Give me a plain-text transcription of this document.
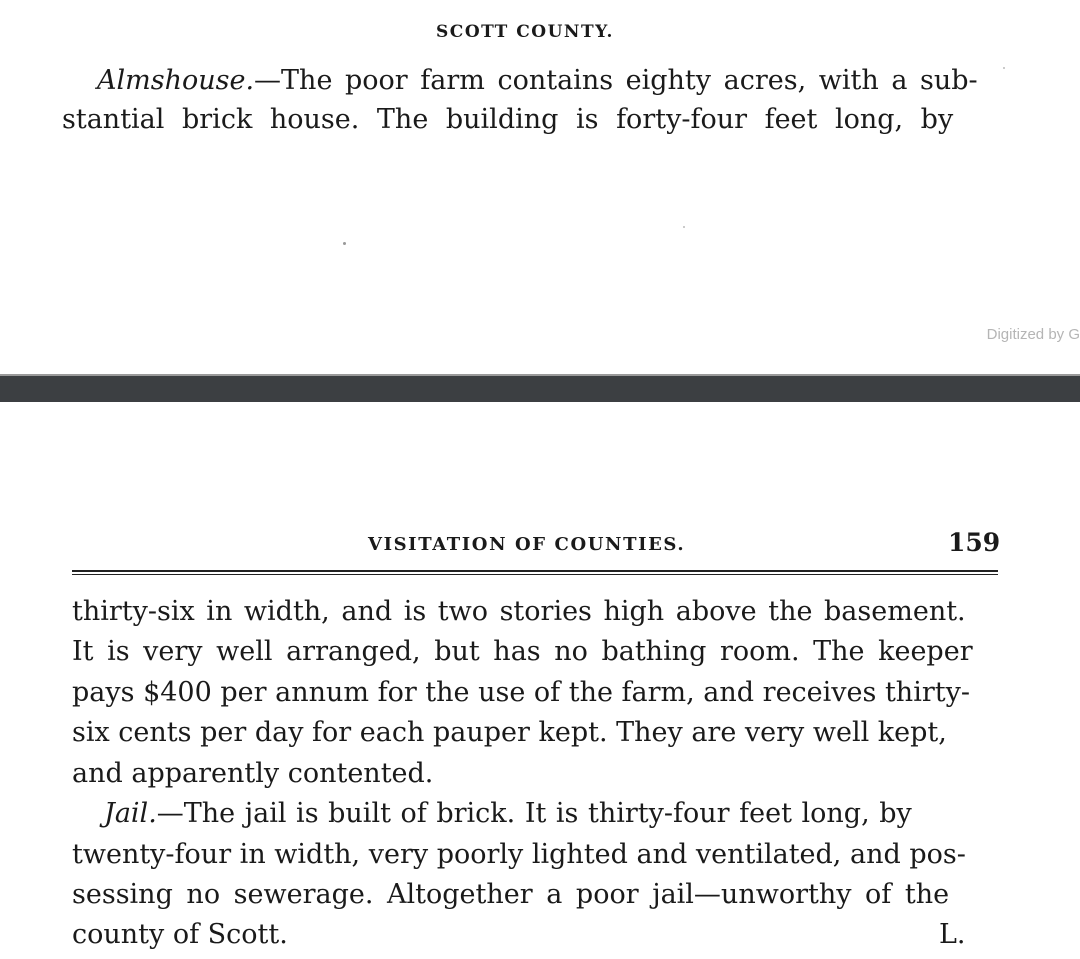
SCOTT COUNTY.
Almshouse.—The poor farm contains eighty acres, with a sub-
stantial brick house. The building is forty-four feet long, by
Digitized by G
VISITATION OF COUNTIES.	159
thirty-six in width, and is two stories high above the basement.
It is very well arranged, but has no bathing room. The keeper
pays $400 per annum for the use of the farm, and receives thirty-
six cents per day for each pauper kept. They are very well kept,
and apparently contented.
Jail.—The jail is built of brick. It is thirty-four feet long, by
twenty-four in width, very poorly lighted and ventilated, and pos-
sessing no sewerage. Altogether a poor jail—unworthy of the
county of Scott.	L.
